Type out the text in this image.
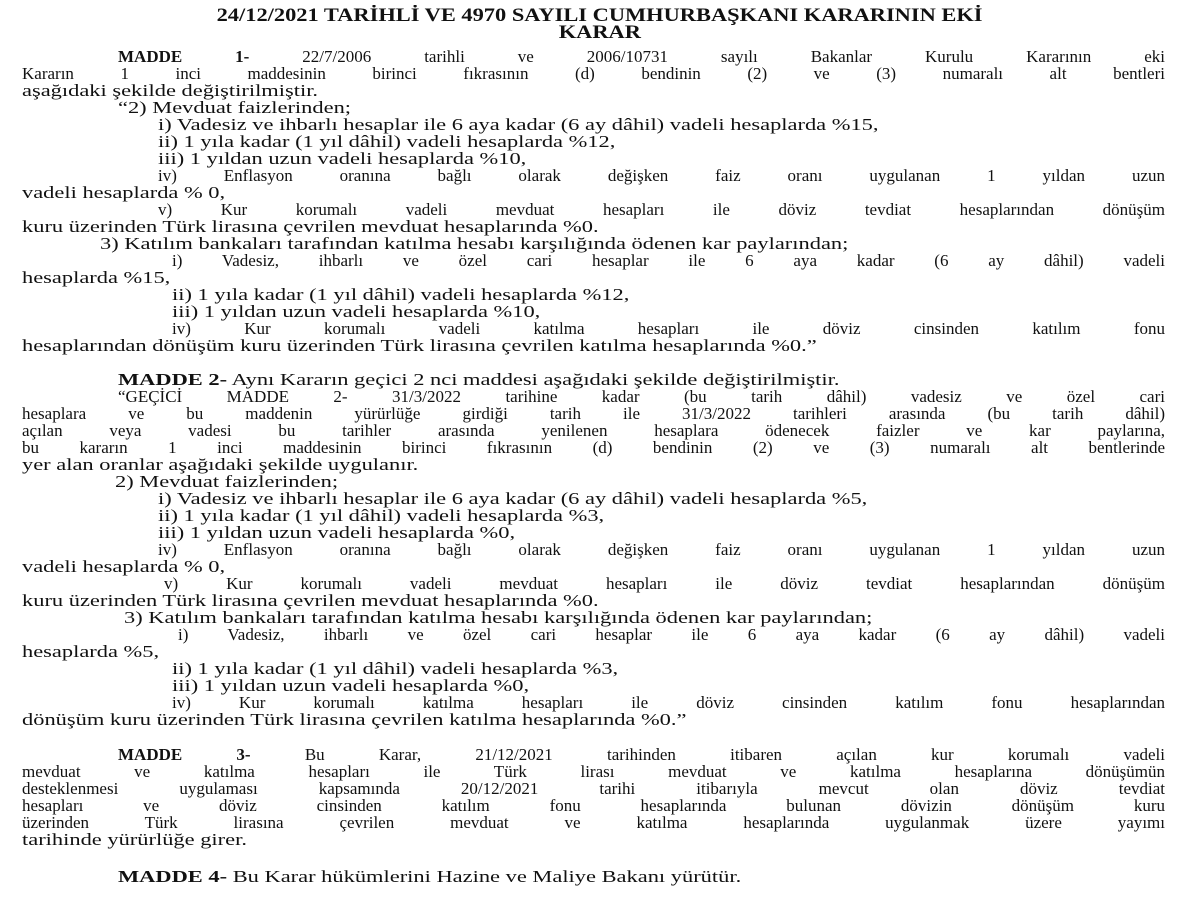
24/12/2021 TARİHLİ VE 4970 SAYILI CUMHURBAŞKANI KARARININ EKİ
KARAR
MADDE 1-	22/7/2006 tarihli ve 2006/10731 sayılı Bakanlar Kurulu Kararının eki
Kararın 1 inci maddesinin birinci fıkrasının (d) bendinin (2) ve (3) numaralı alt bentleri
aşağıdaki şekilde değiştirilmiştir.
“2) Mevduat faizlerinden;
i) Vadesiz ve ihbarlı hesaplar ile 6 aya kadar (6 ay dâhil) vadeli hesaplarda %15,
ii) 1 yıla kadar (1 yıl dâhil) vadeli hesaplarda %12,
iii) 1 yıldan uzun vadeli hesaplarda %10,
iv) Enflasyon oranına bağlı olarak değişken faiz oranı uygulanan 1 yıldan uzun
vadeli hesaplarda % 0,
v) Kur korumalı vadeli mevduat hesapları ile döviz tevdiat hesaplarından dönüşüm
kuru üzerinden Türk lirasına çevrilen mevduat hesaplarında %0.
3) Katılım bankaları tarafından katılma hesabı karşılığında ödenen kar paylarından;
i) Vadesiz, ihbarlı ve özel cari hesaplar ile 6 aya kadar (6 ay dâhil) vadeli
hesaplarda %15,
ii) 1 yıla kadar (1 yıl dâhil) vadeli hesaplarda %12,
iii) 1 yıldan uzun vadeli hesaplarda %10,
iv) Kur korumalı vadeli katılma hesapları ile döviz cinsinden katılım fonu
hesaplarından dönüşüm kuru üzerinden Türk lirasına çevrilen katılma hesaplarında %0.”
MADDE 2- Aynı Kararın geçici 2 nci maddesi aşağıdaki şekilde değiştirilmiştir.
“GEÇİCİ MADDE 2- 31/3/2022 tarihine kadar (bu tarih dâhil) vadesiz ve özel cari
hesaplara ve bu maddenin yürürlüğe girdiği tarih ile 31/3/2022 tarihleri arasında (bu tarih dâhil)
açılan veya vadesi bu tarihler arasında yenilenen hesaplara ödenecek faizler ve kar paylarına,
bu kararın 1 inci maddesinin birinci fıkrasının (d) bendinin (2) ve (3) numaralı alt bentlerinde
yer alan oranlar aşağıdaki şekilde uygulanır.
2) Mevduat faizlerinden;
i) Vadesiz ve ihbarlı hesaplar ile 6 aya kadar (6 ay dâhil) vadeli hesaplarda %5,
ii) 1 yıla kadar (1 yıl dâhil) vadeli hesaplarda %3,
iii) 1 yıldan uzun vadeli hesaplarda %0,
iv) Enflasyon oranına bağlı olarak değişken faiz oranı uygulanan 1 yıldan uzun
vadeli hesaplarda % 0,
v) Kur korumalı vadeli mevduat hesapları ile döviz tevdiat hesaplarından dönüşüm
kuru üzerinden Türk lirasına çevrilen mevduat hesaplarında %0.
3) Katılım bankaları tarafından katılma hesabı karşılığında ödenen kar paylarından;
i) Vadesiz, ihbarlı ve özel cari hesaplar ile 6 aya kadar (6 ay dâhil) vadeli
hesaplarda %5,
ii) 1 yıla kadar (1 yıl dâhil) vadeli hesaplarda %3,
iii) 1 yıldan uzun vadeli hesaplarda %0,
iv) Kur korumalı katılma hesapları ile döviz cinsinden katılım fonu hesaplarından
dönüşüm kuru üzerinden Türk lirasına çevrilen katılma hesaplarında %0.”
MADDE 3-	Bu Karar, 21/12/2021 tarihinden itibaren açılan kur korumalı vadeli
mevduat ve katılma hesapları ile Türk lirası mevduat ve katılma hesaplarına dönüşümün
desteklenmesi uygulaması kapsamında 20/12/2021 tarihi itibarıyla mevcut olan döviz tevdiat
hesapları ve döviz cinsinden katılım fonu hesaplarında bulunan dövizin dönüşüm kuru
üzerinden Türk lirasına çevrilen mevduat ve katılma hesaplarında uygulanmak üzere yayımı
tarihinde yürürlüğe girer.
MADDE 4- Bu Karar hükümlerini Hazine ve Maliye Bakanı yürütür.
